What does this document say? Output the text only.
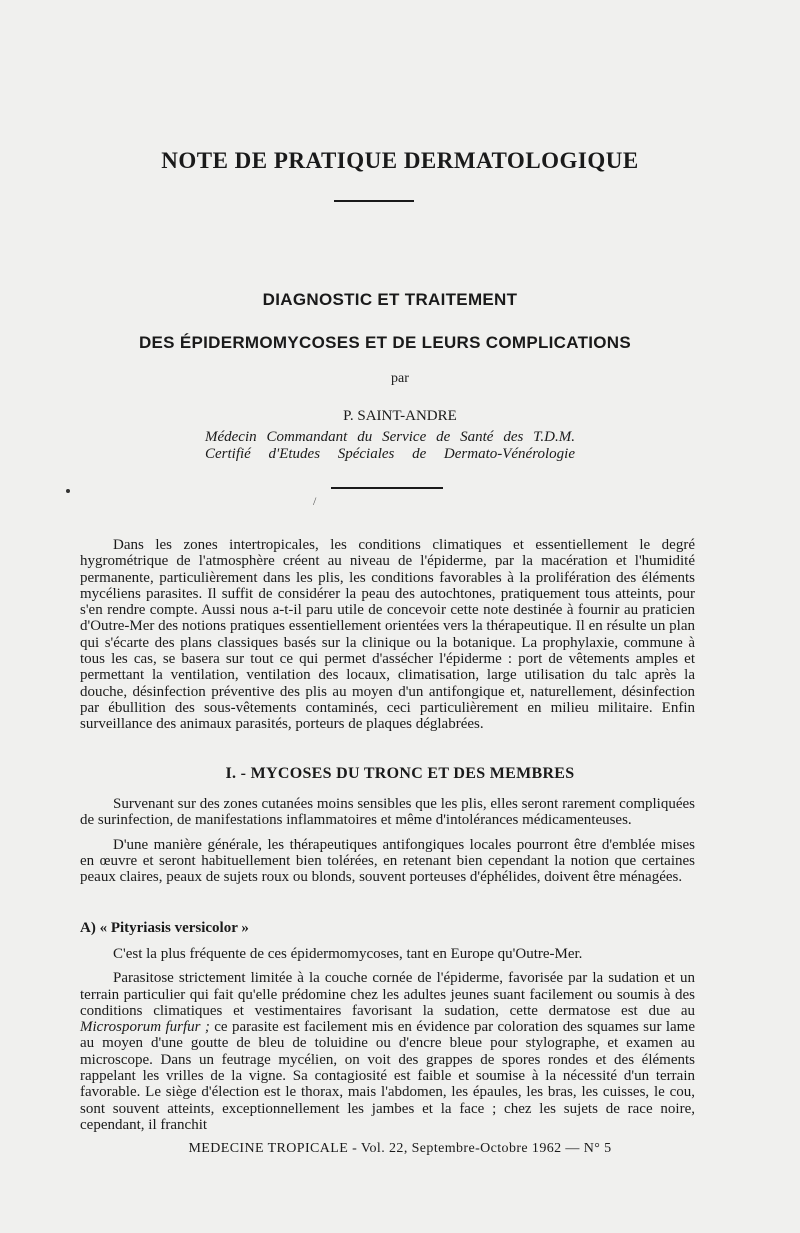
NOTE DE PRATIQUE DERMATOLOGIQUE
DIAGNOSTIC ET TRAITEMENT
DES ÉPIDERMOMYCOSES ET DE LEURS COMPLICATIONS
par
P. SAINT-ANDRE
Médecin Commandant du Service de Santé des T.D.M.
Certifié d'Etudes Spéciales de Dermato-Vénérologie
/

Dans les zones intertropicales, les conditions climatiques et essentiellement le degré hygrométrique de l'atmosphère créent au niveau de l'épiderme, par la macération et l'humidité permanente, particulièrement dans les plis, les conditions favorables à la prolifération des éléments mycéliens parasites. Il suffit de considérer la peau des autochtones, pratiquement tous atteints, pour s'en rendre compte. Aussi nous a-t-il paru utile de concevoir cette note destinée à fournir au praticien d'Outre-Mer des notions pratiques essentiellement orientées vers la thérapeutique. Il en résulte un plan qui s'écarte des plans classiques basés sur la clinique ou la botanique. La prophylaxie, commune à tous les cas, se basera sur tout ce qui permet d'assécher l'épiderme : port de vêtements amples et permettant la ventilation, ventilation des locaux, climatisation, large utilisation du talc après la douche, désinfection préventive des plis au moyen d'un antifongique et, naturellement, désinfection par ébullition des sous-vêtements contaminés, ceci particulièrement en milieu militaire. Enfin surveillance des animaux parasités, porteurs de plaques déglabrées.

I. - MYCOSES DU TRONC ET DES MEMBRES

Survenant sur des zones cutanées moins sensibles que les plis, elles seront rarement compliquées de surinfection, de manifestations inflammatoires et même d'intolérances médicamenteuses.

D'une manière générale, les thérapeutiques antifongiques locales pourront être d'emblée mises en œuvre et seront habituellement bien tolérées, en retenant bien cependant la notion que certaines peaux claires, peaux de sujets roux ou blonds, souvent porteuses d'éphélides, doivent être ménagées.

A) « Pityriasis versicolor »

C'est la plus fréquente de ces épidermomycoses, tant en Europe qu'Outre-Mer.

Parasitose strictement limitée à la couche cornée de l'épiderme, favorisée par la sudation et un terrain particulier qui fait qu'elle prédomine chez les adultes jeunes suant facilement ou soumis à des conditions climatiques et vestimentaires favorisant la sudation, cette dermatose est due au Microsporum furfur ; ce parasite est facilement mis en évidence par coloration des squames sur lame au moyen d'une goutte de bleu de toluidine ou d'encre bleue pour stylographe, et examen au microscope. Dans un feutrage mycélien, on voit des grappes de spores rondes et des éléments rappelant les vrilles de la vigne. Sa contagiosité est faible et soumise à la nécessité d'un terrain favorable. Le siège d'élection est le thorax, mais l'abdomen, les épaules, les bras, les cuisses, le cou, sont souvent atteints, exceptionnellement les jambes et la face ; chez les sujets de race noire, cependant, il franchit

MEDECINE TROPICALE - Vol. 22, Septembre-Octobre 1962 — N° 5
